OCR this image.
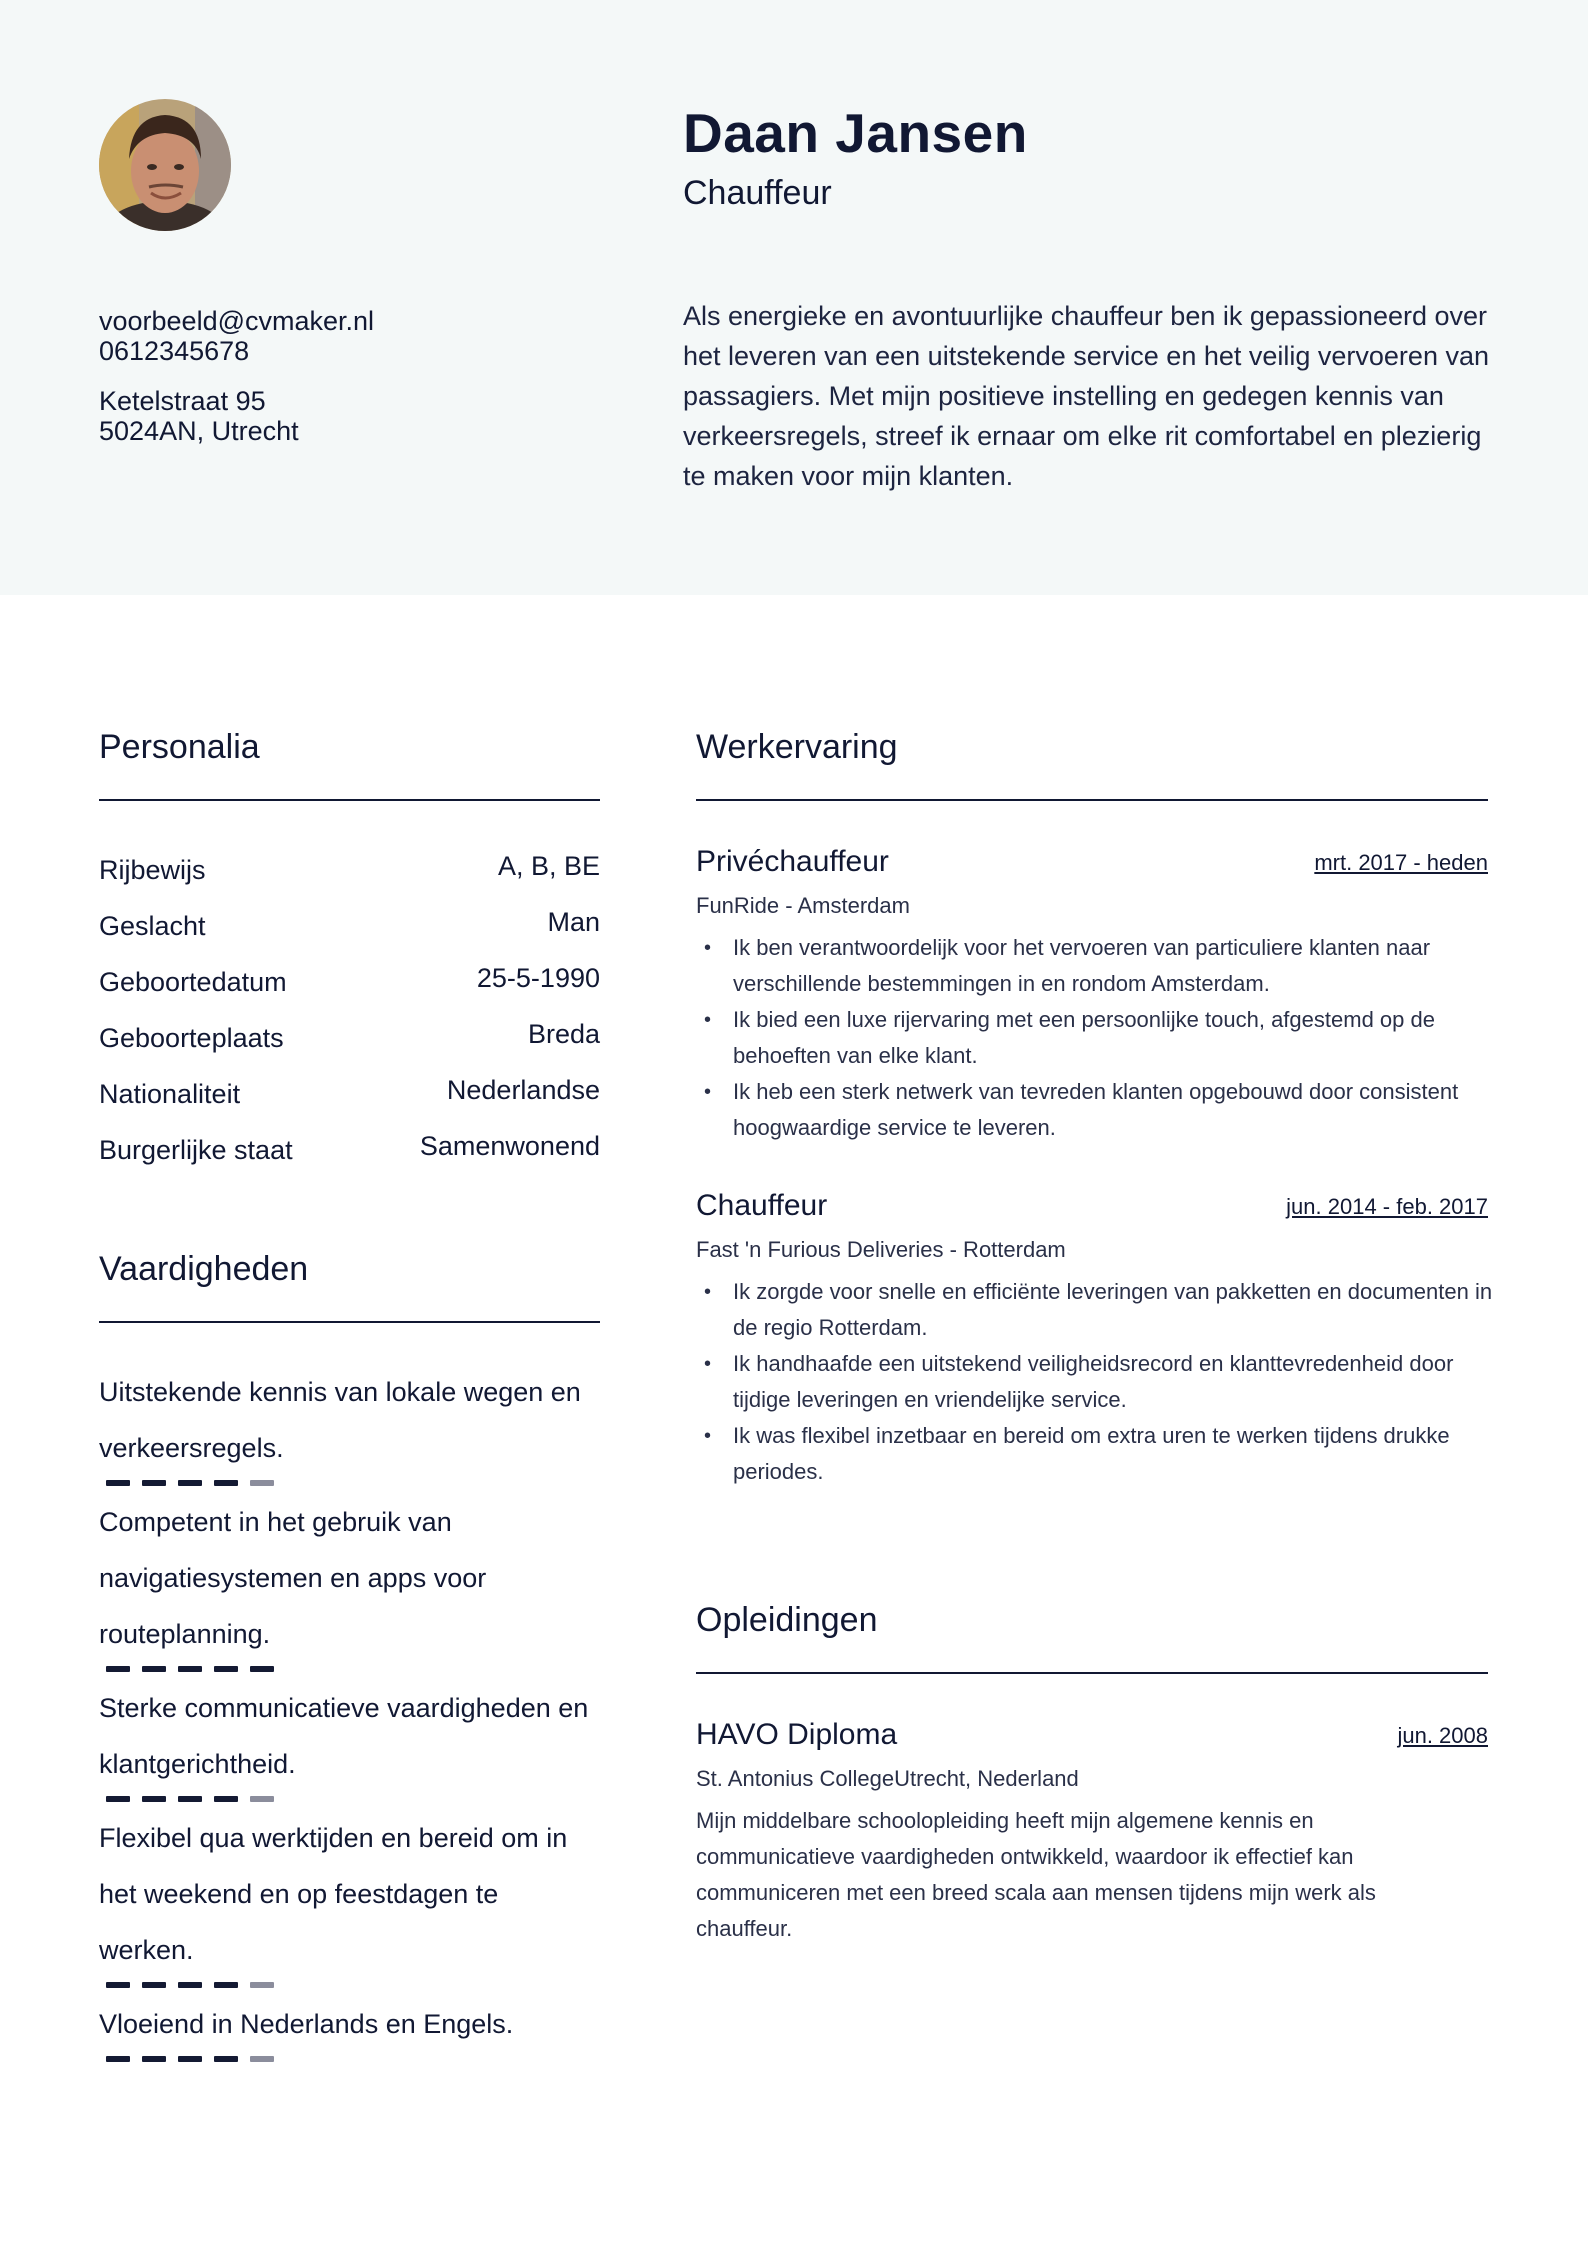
Daan Jansen
Chauffeur
voorbeeld@cvmaker.nl
0612345678
Ketelstraat 95
5024AN, Utrecht
Als energieke en avontuurlijke chauffeur ben ik gepassioneerd over het leveren van een uitstekende service en het veilig vervoeren van passagiers. Met mijn positieve instelling en gedegen kennis van verkeersregels, streef ik ernaar om elke rit comfortabel en plezierig te maken voor mijn klanten.
Personalia
Rijbewijs	A, B, BE
Geslacht	Man
Geboortedatum	25-5-1990
Geboorteplaats	Breda
Nationaliteit	Nederlandse
Burgerlijke staat	Samenwonend
Vaardigheden
Uitstekende kennis van lokale wegen en verkeersregels.
Competent in het gebruik van navigatiesystemen en apps voor routeplanning.
Sterke communicatieve vaardigheden en klantgerichtheid.
Flexibel qua werktijden en bereid om in het weekend en op feestdagen te werken.
Vloeiend in Nederlands en Engels.
Werkervaring
Privéchauffeur	mrt. 2017 - heden
FunRide - Amsterdam
• Ik ben verantwoordelijk voor het vervoeren van particuliere klanten naar verschillende bestemmingen in en rondom Amsterdam.
• Ik bied een luxe rijervaring met een persoonlijke touch, afgestemd op de behoeften van elke klant.
• Ik heb een sterk netwerk van tevreden klanten opgebouwd door consistent hoogwaardige service te leveren.
Chauffeur	jun. 2014 - feb. 2017
Fast 'n Furious Deliveries - Rotterdam
• Ik zorgde voor snelle en efficiënte leveringen van pakketten en documenten in de regio Rotterdam.
• Ik handhaafde een uitstekend veiligheidsrecord en klanttevredenheid door tijdige leveringen en vriendelijke service.
• Ik was flexibel inzetbaar en bereid om extra uren te werken tijdens drukke periodes.
Opleidingen
HAVO Diploma	jun. 2008
St. Antonius CollegeUtrecht, Nederland
Mijn middelbare schoolopleiding heeft mijn algemene kennis en communicatieve vaardigheden ontwikkeld, waardoor ik effectief kan communiceren met een breed scala aan mensen tijdens mijn werk als chauffeur.
